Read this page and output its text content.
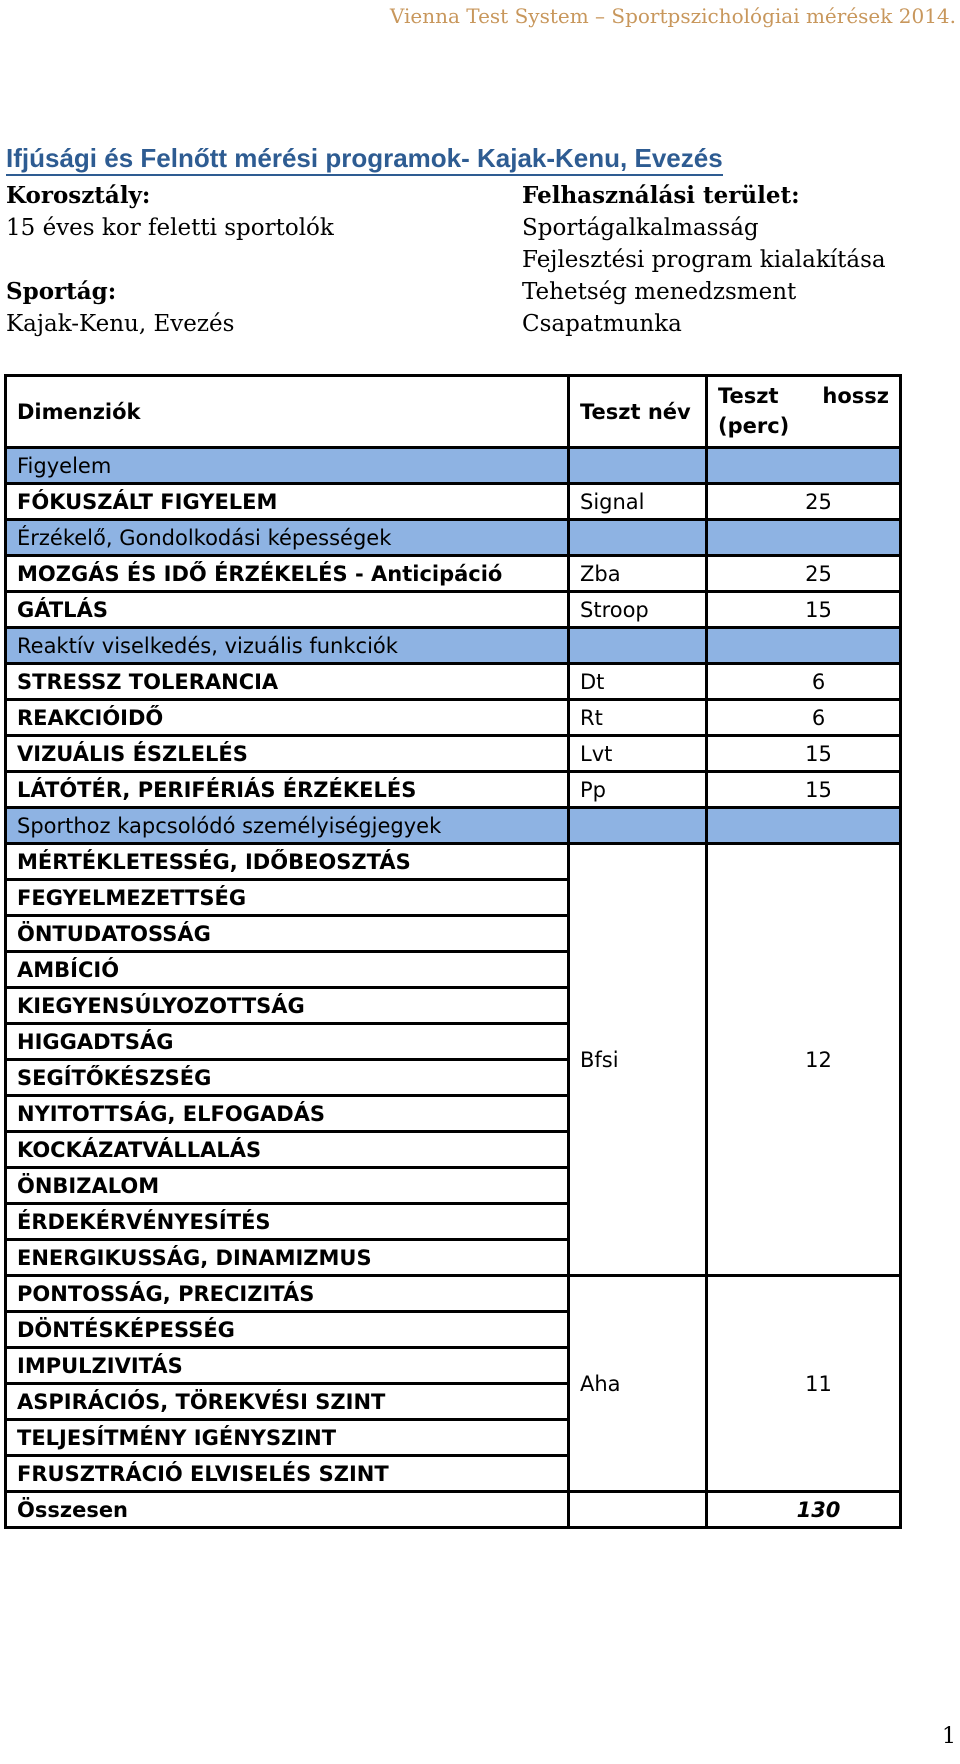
Vienna Test System – Sportpszichológiai mérések 2014.
Ifjúsági és Felnőtt mérési programok- Kajak-Kenu, Evezés
Korosztály:
15 éves kor feletti sportolók
Sportág:
Kajak-Kenu, Evezés
Felhasználási terület:
Sportágalkalmasság
Fejlesztési program kialakítása
Tehetség menedzsment
Csapatmunka
Dimenziók	Teszt név	Teszt hossz
(perc)

Figyelem		
FÓKUSZÁLT FIGYELEM	Signal	25
Érzékelő, Gondolkodási képességek		
MOZGÁS ÉS IDŐ ÉRZÉKELÉS - Anticipáció	Zba	25
GÁTLÁS	Stroop	15
Reaktív viselkedés, vizuális funkciók		
STRESSZ TOLERANCIA	Dt	6
REAKCIÓIDŐ	Rt	6
VIZUÁLIS ÉSZLELÉS	Lvt	15
LÁTÓTÉR, PERIFÉRIÁS ÉRZÉKELÉS	Pp	15
Sporthoz kapcsolódó személyiségjegyek		
MÉRTÉKLETESSÉG, IDŐBEOSZTÁS	Bfsi	12
FEGYELMEZETTSÉG		
ÖNTUDATOSSÁG		
AMBÍCIÓ		
KIEGYENSÚLYOZOTTSÁG		
HIGGADTSÁG		
SEGÍTŐKÉSZSÉG		
NYITOTTSÁG, ELFOGADÁS		
KOCKÁZATVÁLLALÁS		
ÖNBIZALOM		
ÉRDEKÉRVÉNYESÍTÉS		
ENERGIKUSSÁG, DINAMIZMUS		
PONTOSSÁG, PRECIZITÁS	Aha	11
DÖNTÉSKÉPESSÉG		
IMPULZIVITÁS		
ASPIRÁCIÓS, TÖREKVÉSI SZINT		
TELJESÍTMÉNY IGÉNYSZINT		
FRUSZTRÁCIÓ ELVISELÉS SZINT		
Összesen		130
1
